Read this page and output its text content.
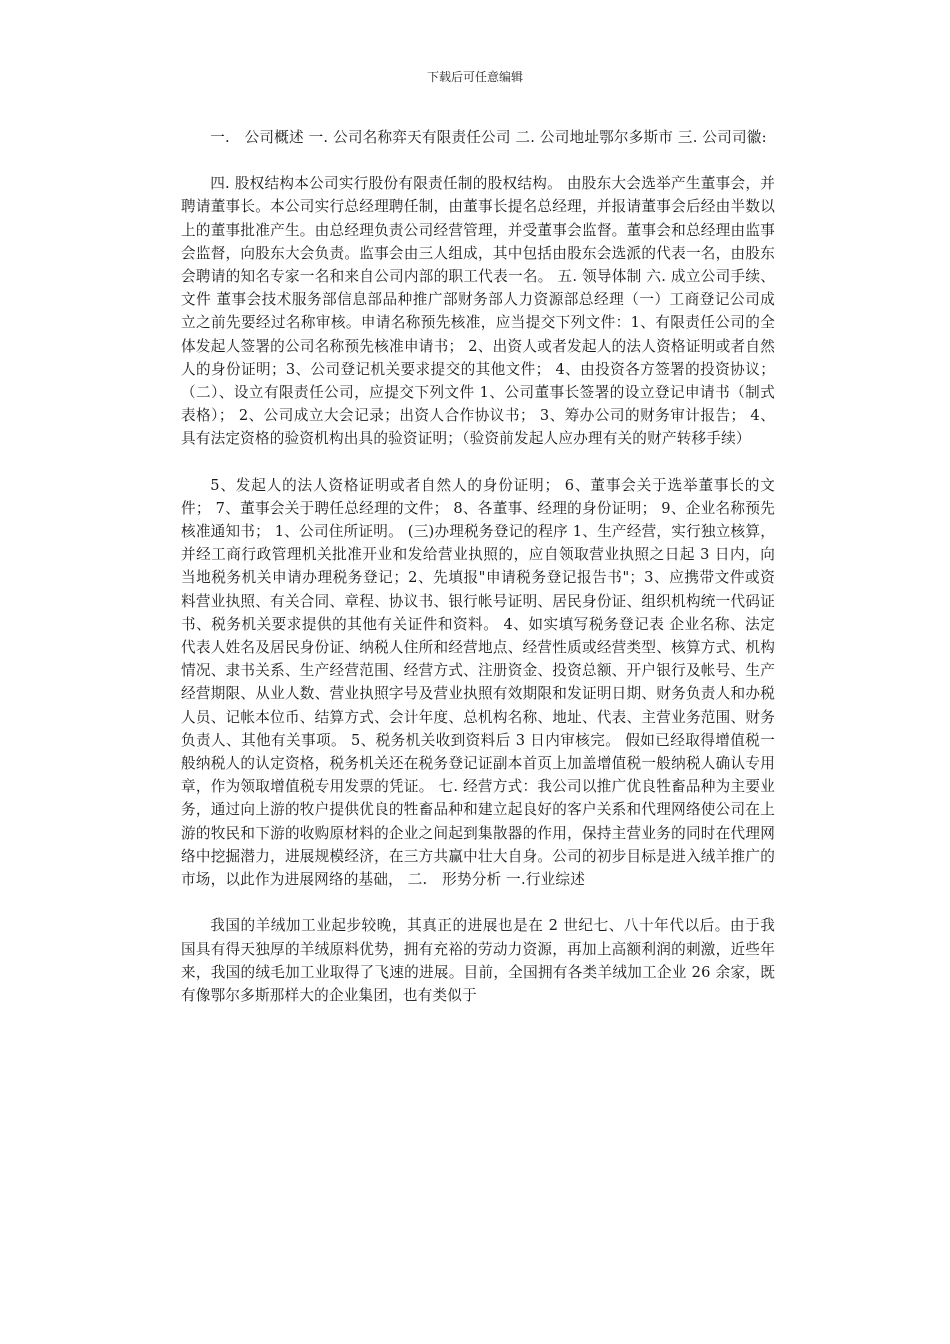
下载后可任意编辑

一.　公司概述 一. 公司名称弈天有限责任公司 二. 公司地址鄂尔多斯市 三. 公司司徽:

四. 股权结构本公司实行股份有限责任制的股权结构。 由股东大会选举产生董事会，并聘请董事长。本公司实行总经理聘任制，由董事长提名总经理，并报请董事会后经由半数以上的董事批准产生。由总经理负责公司经营管理，并受董事会监督。董事会和总经理由监事会监督，向股东大会负责。监事会由三人组成，其中包括由股东会选派的代表一名，由股东会聘请的知名专家一名和来自公司内部的职工代表一名。 五. 领导体制 六. 成立公司手续、文件 董事会技术服务部信息部品种推广部财务部人力资源部总经理（一）工商登记公司成立之前先要经过名称审核。申请名称预先核准，应当提交下列文件：1、有限责任公司的全体发起人签署的公司名称预先核准申请书； 2、出资人或者发起人的法人资格证明或者自然人的身份证明；3、公司登记机关要求提交的其他文件； 4、由投资各方签署的投资协议； （二）、设立有限责任公司，应提交下列文件 1、公司董事长签署的设立登记申请书（制式表格）； 2、公司成立大会记录；出资人合作协议书； 3、筹办公司的财务审计报告； 4、具有法定资格的验资机构出具的验资证明；（验资前发起人应办理有关的财产转移手续）

5、发起人的法人资格证明或者自然人的身份证明； 6、董事会关于选举董事长的文件； 7、董事会关于聘任总经理的文件； 8、各董事、经理的身份证明； 9、企业名称预先核准通知书； 1、公司住所证明。 (三)办理税务登记的程序 1、生产经营，实行独立核算，并经工商行政管理机关批准开业和发给营业执照的，应自领取营业执照之日起 3 日内，向当地税务机关申请办理税务登记；2、先填报"申请税务登记报告书"；3、应携带文件或资料营业执照、有关合同、章程、协议书、银行帐号证明、居民身份证、组织机构统一代码证书、税务机关要求提供的其他有关证件和资料。 4、如实填写税务登记表 企业名称、法定代表人姓名及居民身份证、纳税人住所和经营地点、经营性质或经营类型、核算方式、机构情况、隶书关系、生产经营范围、经营方式、注册资金、投资总额、开户银行及帐号、生产经营期限、从业人数、营业执照字号及营业执照有效期限和发证明日期、财务负责人和办税人员、记帐本位币、结算方式、会计年度、总机构名称、地址、代表、主营业务范围、财务负责人、其他有关事项。 5、税务机关收到资料后 3 日内审核完。 假如已经取得增值税一般纳税人的认定资格，税务机关还在税务登记证副本首页上加盖增值税一般纳税人确认专用章，作为领取增值税专用发票的凭证。 七. 经营方式：我公司以推广优良牲畜品种为主要业务，通过向上游的牧户提供优良的牲畜品种和建立起良好的客户关系和代理网络使公司在上游的牧民和下游的收购原材料的企业之间起到集散器的作用，保持主营业务的同时在代理网络中挖掘潜力，进展规模经济，在三方共赢中壮大自身。公司的初步目标是进入绒羊推广的市场，以此作为进展网络的基础， 二.　形势分析 一.行业综述

我国的羊绒加工业起步较晚，其真正的进展也是在 2 世纪七、八十年代以后。由于我国具有得天独厚的羊绒原料优势，拥有充裕的劳动力资源，再加上高额利润的刺激，近些年来，我国的绒毛加工业取得了飞速的进展。目前，全国拥有各类羊绒加工企业 26 余家，既有像鄂尔多斯那样大的企业集团，也有类似于
